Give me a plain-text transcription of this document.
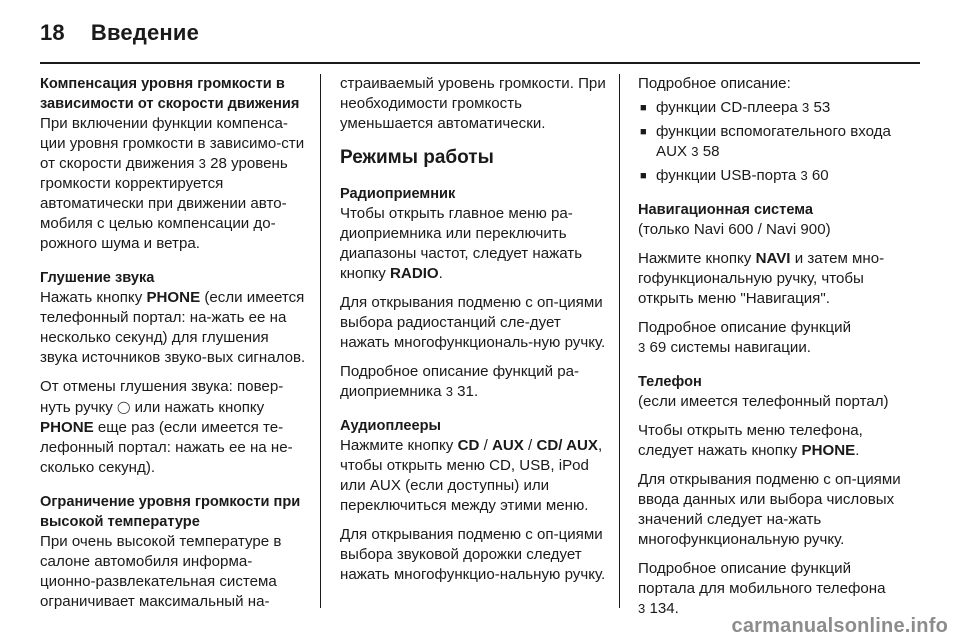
18 Введение
Компенсация уровня громкости в зависимости от скорости движения
При включении функции компенса-ции уровня громкости в зависимо-сти от скорости движения 3 28 уровень громкости корректируется автоматически при движении авто-мобиля с целью компенсации до-рожного шума и ветра.
Глушение звука
Нажать кнопку PHONE (если имеется телефонный портал: на-жать ее на несколько секунд) для глушения звука источников звуко-вых сигналов.
От отмены глушения звука: повер-нуть ручку ◯ или нажать кнопку PHONE еще раз (если имеется те-лефонный портал: нажать ее на не-сколько секунд).
Ограничение уровня громкости при высокой температуре
При очень высокой температуре в салоне автомобиля информа-ционно-развлекательная система ограничивает максимальный на-
страиваемый уровень громкости. При необходимости громкость уменьшается автоматически.
Режимы работы
Радиоприемник
Чтобы открыть главное меню ра-диоприемника или переключить диапазоны частот, следует нажать кнопку RADIO.
Для открывания подменю с оп-циями выбора радиостанций сле-дует нажать многофункциональ-ную ручку.
Подробное описание функций ра-диоприемника 3 31.
Аудиоплееры
Нажмите кнопку CD / AUX / CD/ AUX, чтобы открыть меню CD, USB, iPod или AUX (если доступны) или переключиться между этими меню.
Для открывания подменю с оп-циями выбора звуковой дорожки следует нажать многофункцио-нальную ручку.
Подробное описание:
■ функции CD-плеера 3 53
■ функции вспомогательного входа AUX 3 58
■ функции USB-порта 3 60
Навигационная система
(только Navi 600 / Navi 900)
Нажмите кнопку NAVI и затем мно-гофункциональную ручку, чтобы открыть меню "Навигация".
Подробное описание функций
3 69 системы навигации.
Телефон
(если имеется телефонный портал)
Чтобы открыть меню телефона, следует нажать кнопку PHONE.
Для открывания подменю с оп-циями ввода данных или выбора числовых значений следует на-жать многофункциональную ручку.
Подробное описание функций портала для мобильного телефона
3 134.
carmanualsonline.info
